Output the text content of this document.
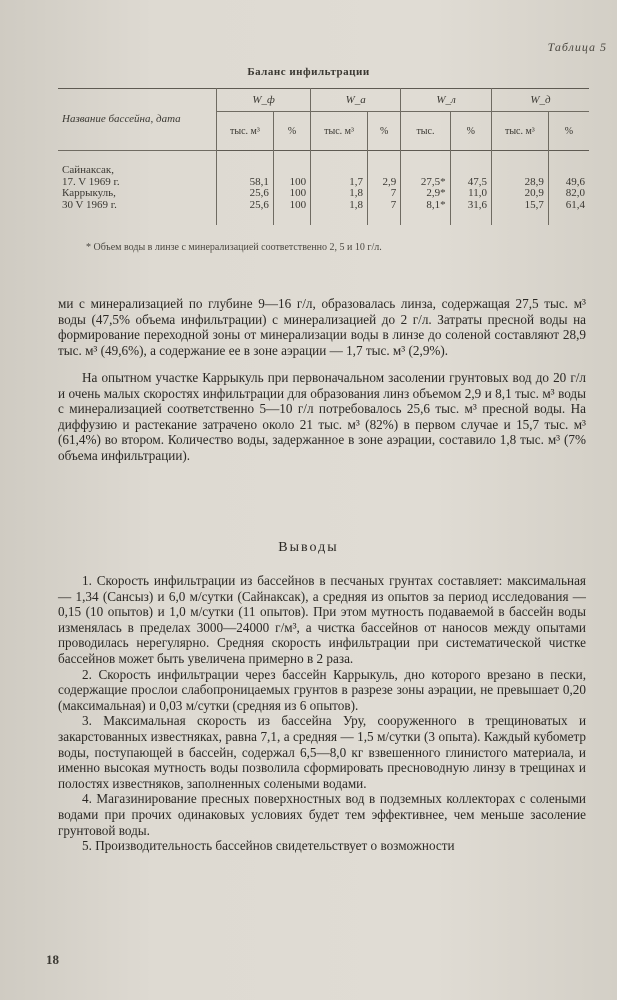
Таблица 5
Баланс инфильтрации
Название бассейна, дата	W_ф		W_а		W_л		W_д	
	тыс. м³	%	тыс. м³	%	тыс.	%	тыс. м³	%

Сайнаксак,								
17. V 1969 г.	58,1	100	1,7	2,9	27,5*	47,5	28,9	49,6
Каррыкуль,	25,6	100	1,8	7	2,9*	11,0	20,9	82,0
30 V 1969 г.	25,6	100	1,8	7	8,1*	31,6	15,7	61,4

* Объем воды в линзе с минерализацией соответственно 2, 5 и 10 г/л.

ми с минерализацией по глубине 9—16 г/л, образовалась линза, содержащая 27,5 тыс. м³ воды (47,5% объема инфильтрации) с минерализацией до 2 г/л. Затраты пресной воды на формирование переходной зоны от минерализации воды в линзе до соленой составляют 28,9 тыс. м³ (49,6%), а содержание ее в зоне аэрации — 1,7 тыс. м³ (2,9%).

На опытном участке Каррыкуль при первоначальном засолении грунтовых вод до 20 г/л и очень малых скоростях инфильтрации для образования линз объемом 2,9 и 8,1 тыс. м³ воды с минерализацией соответственно 5—10 г/л потребовалось 25,6 тыс. м³ пресной воды. На диффузию и растекание затрачено около 21 тыс. м³ (82%) в первом случае и 15,7 тыс. м³ (61,4%) во втором. Количество воды, задержанное в зоне аэрации, составило 1,8 тыс. м³ (7% объема инфильтрации).

Выводы

1. Скорость инфильтрации из бассейнов в песчаных грунтах составляет: максимальная — 1,34 (Сансыз) и 6,0 м/сутки (Сайнаксак), а средняя из опытов за период исследования — 0,15 (10 опытов) и 1,0 м/сутки (11 опытов). При этом мутность подаваемой в бассейн воды изменялась в пределах 3000—24000 г/м³, а чистка бассейнов от наносов между опытами проводилась нерегулярно. Средняя скорость инфильтрации при систематической чистке бассейнов может быть увеличена примерно в 2 раза.

2. Скорость инфильтрации через бассейн Каррыкуль, дно которого врезано в пески, содержащие прослои слабопроницаемых грунтов в разрезе зоны аэрации, не превышает 0,20 (максимальная) и 0,03 м/сутки (средняя из 6 опытов).

3. Максимальная скорость из бассейна Уру, сооруженного в трещиноватых и закарстованных известняках, равна 7,1, а средняя — 1,5 м/сутки (3 опыта). Каждый кубометр воды, поступающей в бассейн, содержал 6,5—8,0 кг взвешенного глинистого материала, и именно высокая мутность воды позволила сформировать пресноводную линзу в трещинах и полостях известняков, заполненных солеными водами.

4. Магазинирование пресных поверхностных вод в подземных коллекторах с солеными водами при прочих одинаковых условиях будет тем эффективнее, чем меньше засоление грунтовой воды.

5. Производительность бассейнов свидетельствует о возможности

18
